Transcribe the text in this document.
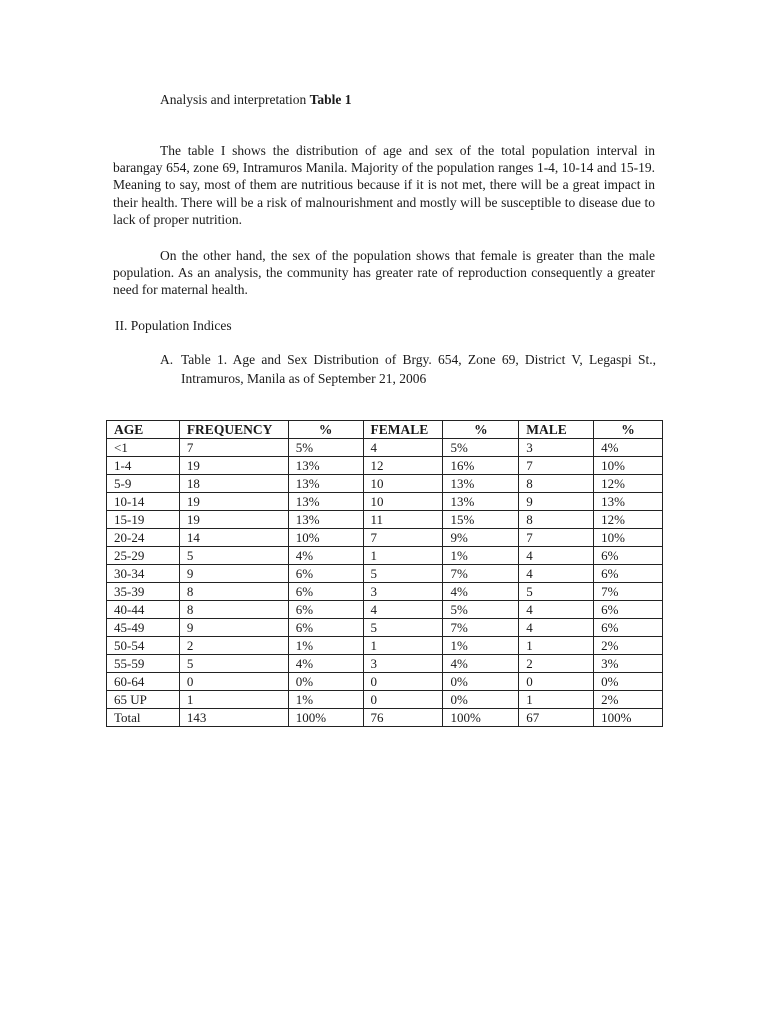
Analysis and interpretation Table 1

The table I shows the distribution of age and sex of the total population interval in barangay 654, zone 69, Intramuros Manila. Majority of the population ranges 1-4, 10-14 and 15-19. Meaning to say, most of them are nutritious because if it is not met, there will be a great impact in their health. There will be a risk of malnourishment and mostly will be susceptible to disease due to lack of proper nutrition.

On the other hand, the sex of the population shows that female is greater than the male population. As an analysis, the community has greater rate of reproduction consequently a greater need for maternal health.

II. Population Indices
A. Table 1. Age and Sex Distribution of Brgy. 654, Zone 69, District V, Legaspi St., Intramuros, Manila as of September 21, 2006
AGE	FREQUENCY	%	FEMALE	%	MALE	%
<1	7	5%	4	5%	3	4%
1-4	19	13%	12	16%	7	10%
5-9	18	13%	10	13%	8	12%
10-14	19	13%	10	13%	9	13%
15-19	19	13%	11	15%	8	12%
20-24	14	10%	7	9%	7	10%
25-29	5	4%	1	1%	4	6%
30-34	9	6%	5	7%	4	6%
35-39	8	6%	3	4%	5	7%
40-44	8	6%	4	5%	4	6%
45-49	9	6%	5	7%	4	6%
50-54	2	1%	1	1%	1	2%
55-59	5	4%	3	4%	2	3%
60-64	0	0%	0	0%	0	0%
65 UP	1	1%	0	0%	1	2%
Total	143	100%	76	100%	67	100%
